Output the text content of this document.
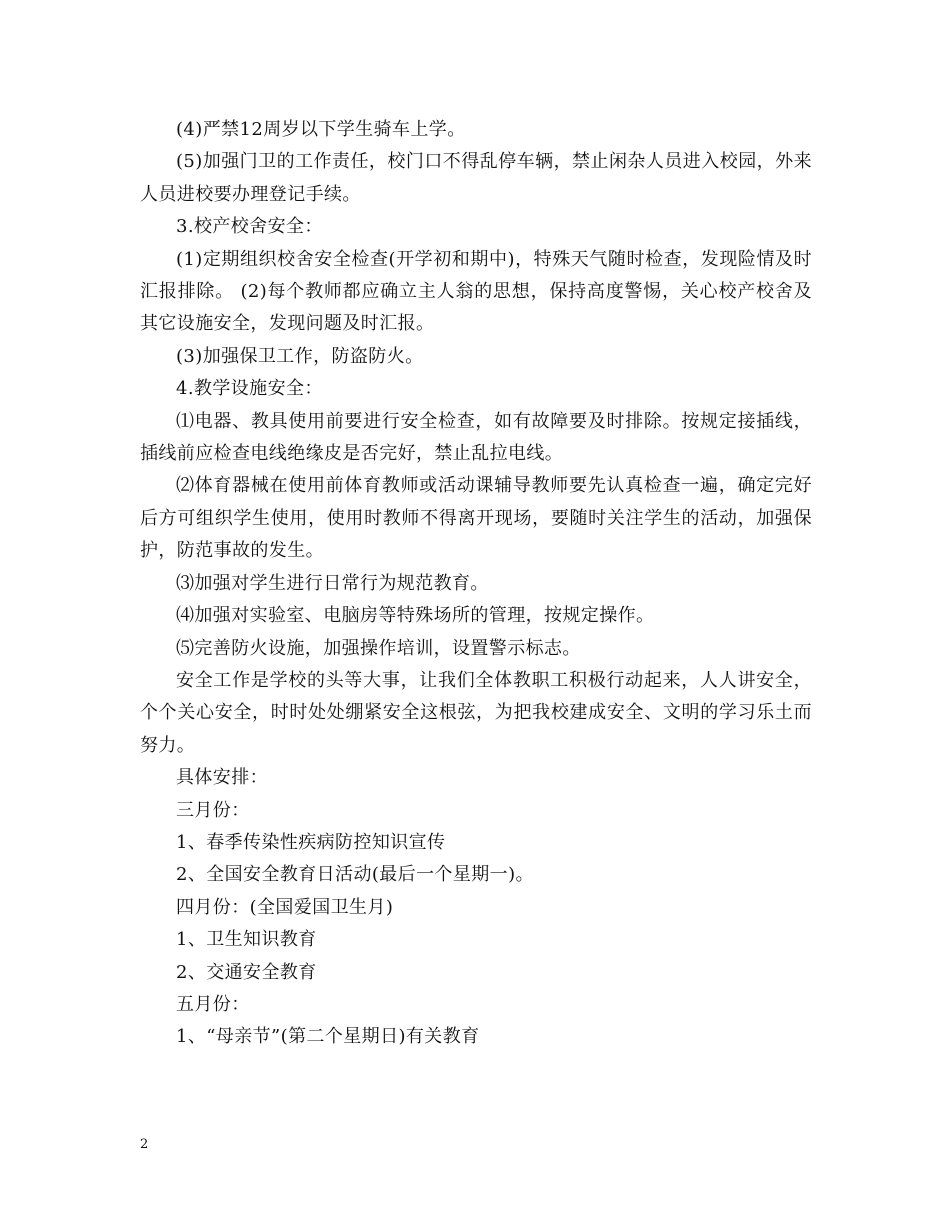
(4)严禁12周岁以下学生骑车上学。

(5)加强门卫的工作责任，校门口不得乱停车辆，禁止闲杂人员进入校园，外来人员进校要办理登记手续。

3.校产校舍安全：

(1)定期组织校舍安全检查(开学初和期中)，特殊天气随时检查，发现险情及时汇报排除。 (2)每个教师都应确立主人翁的思想，保持高度警惕，关心校产校舍及其它设施安全，发现问题及时汇报。

(3)加强保卫工作，防盗防火。

4.教学设施安全：

⑴电器、教具使用前要进行安全检查，如有故障要及时排除。按规定接插线，插线前应检查电线绝缘皮是否完好，禁止乱拉电线。

⑵体育器械在使用前体育教师或活动课辅导教师要先认真检查一遍，确定完好后方可组织学生使用，使用时教师不得离开现场，要随时关注学生的活动，加强保护，防范事故的发生。

⑶加强对学生进行日常行为规范教育。

⑷加强对实验室、电脑房等特殊场所的管理，按规定操作。

⑸完善防火设施，加强操作培训，设置警示标志。

安全工作是学校的头等大事，让我们全体教职工积极行动起来，人人讲安全，个个关心安全，时时处处绷紧安全这根弦，为把我校建成安全、文明的学习乐土而努力。

具体安排：

三月份：

1、春季传染性疾病防控知识宣传

2、全国安全教育日活动(最后一个星期一)。

四月份：(全国爱国卫生月)

1、卫生知识教育

2、交通安全教育

五月份：

1、“母亲节”(第二个星期日)有关教育

2
